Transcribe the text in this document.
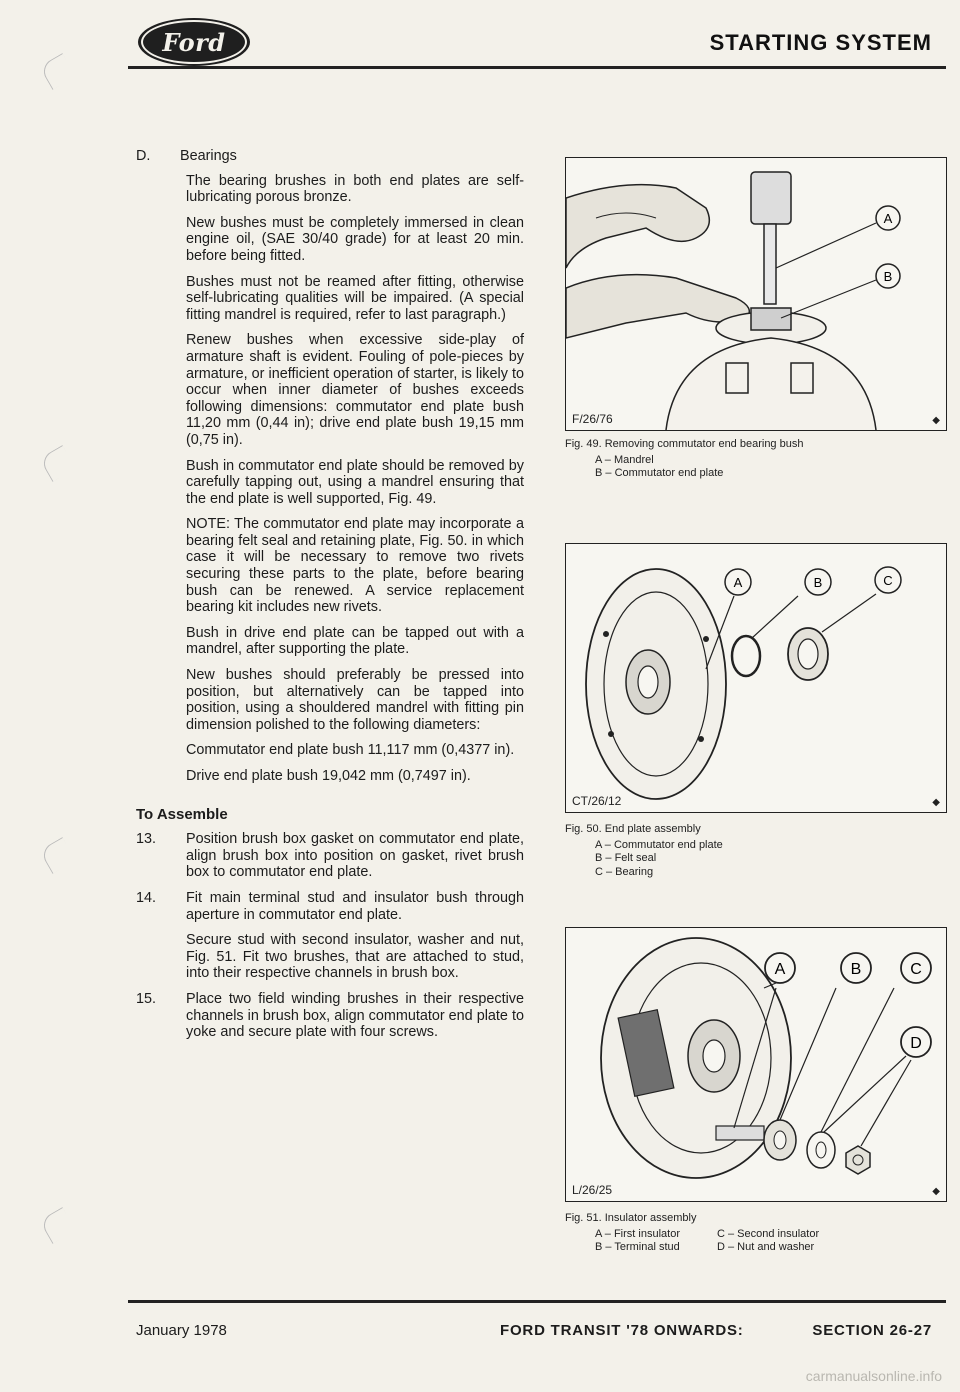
Ford	STARTING SYSTEM
D.	Bearings

The bearing brushes in both end plates are self-lubricating porous bronze.

New bushes must be completely immersed in clean engine oil, (SAE 30/40 grade) for at least 20 min. before being fitted.

Bushes must not be reamed after fitting, otherwise self-lubricating qualities will be impaired. (A special fitting mandrel is required, refer to last paragraph.)

Renew bushes when excessive side-play of armature shaft is evident. Fouling of pole-pieces by armature, or inefficient operation of starter, is likely to occur when inner diameter of bushes exceeds following dimensions: commutator end plate bush 11,20 mm (0,44 in); drive end plate bush 19,15 mm (0,75 in).

Bush in commutator end plate should be removed by carefully tapping out, using a mandrel ensuring that the end plate is well supported, Fig. 49.

NOTE: The commutator end plate may incorporate a bearing felt seal and retaining plate, Fig. 50. in which case it will be necessary to remove two rivets securing these parts to the plate, before bearing bush can be renewed. A service replacement bearing kit includes new rivets.

Bush in drive end plate can be tapped out with a mandrel, after supporting the plate.

New bushes should preferably be pressed into position, but alternatively can be tapped into position, using a shouldered mandrel with fitting pin dimension polished to the following diameters:

Commutator end plate bush 11,117 mm (0,4377 in).

Drive end plate bush 19,042 mm (0,7497 in).

To Assemble
13.	Position brush box gasket on commutator end plate, align brush box into position on gasket, rivet brush box to commutator end plate.

14.	Fit main terminal stud and insulator bush through aperture in commutator end plate.

Secure stud with second insulator, washer and nut, Fig. 51. Fit two brushes, that are attached to stud, into their respective channels in brush box.

15.	Place two field winding brushes in their respective channels in brush box, align commutator end plate to yoke and secure plate with four screws.

A
B
F/26/76	◆
Fig. 49. Removing commutator end bearing bush
A – Mandrel
B – Commutator end plate
A	B	C
CT/26/12	◆
Fig. 50. End plate assembly
A – Commutator end plate
B – Felt seal
C – Bearing
A	B	C
D
L/26/25	◆
Fig. 51. Insulator assembly
A – First insulator	C – Second insulator
B – Terminal stud	D – Nut and washer
January 1978	FORD TRANSIT '78 ONWARDS:	SECTION 26-27
carmanualsonline.info
